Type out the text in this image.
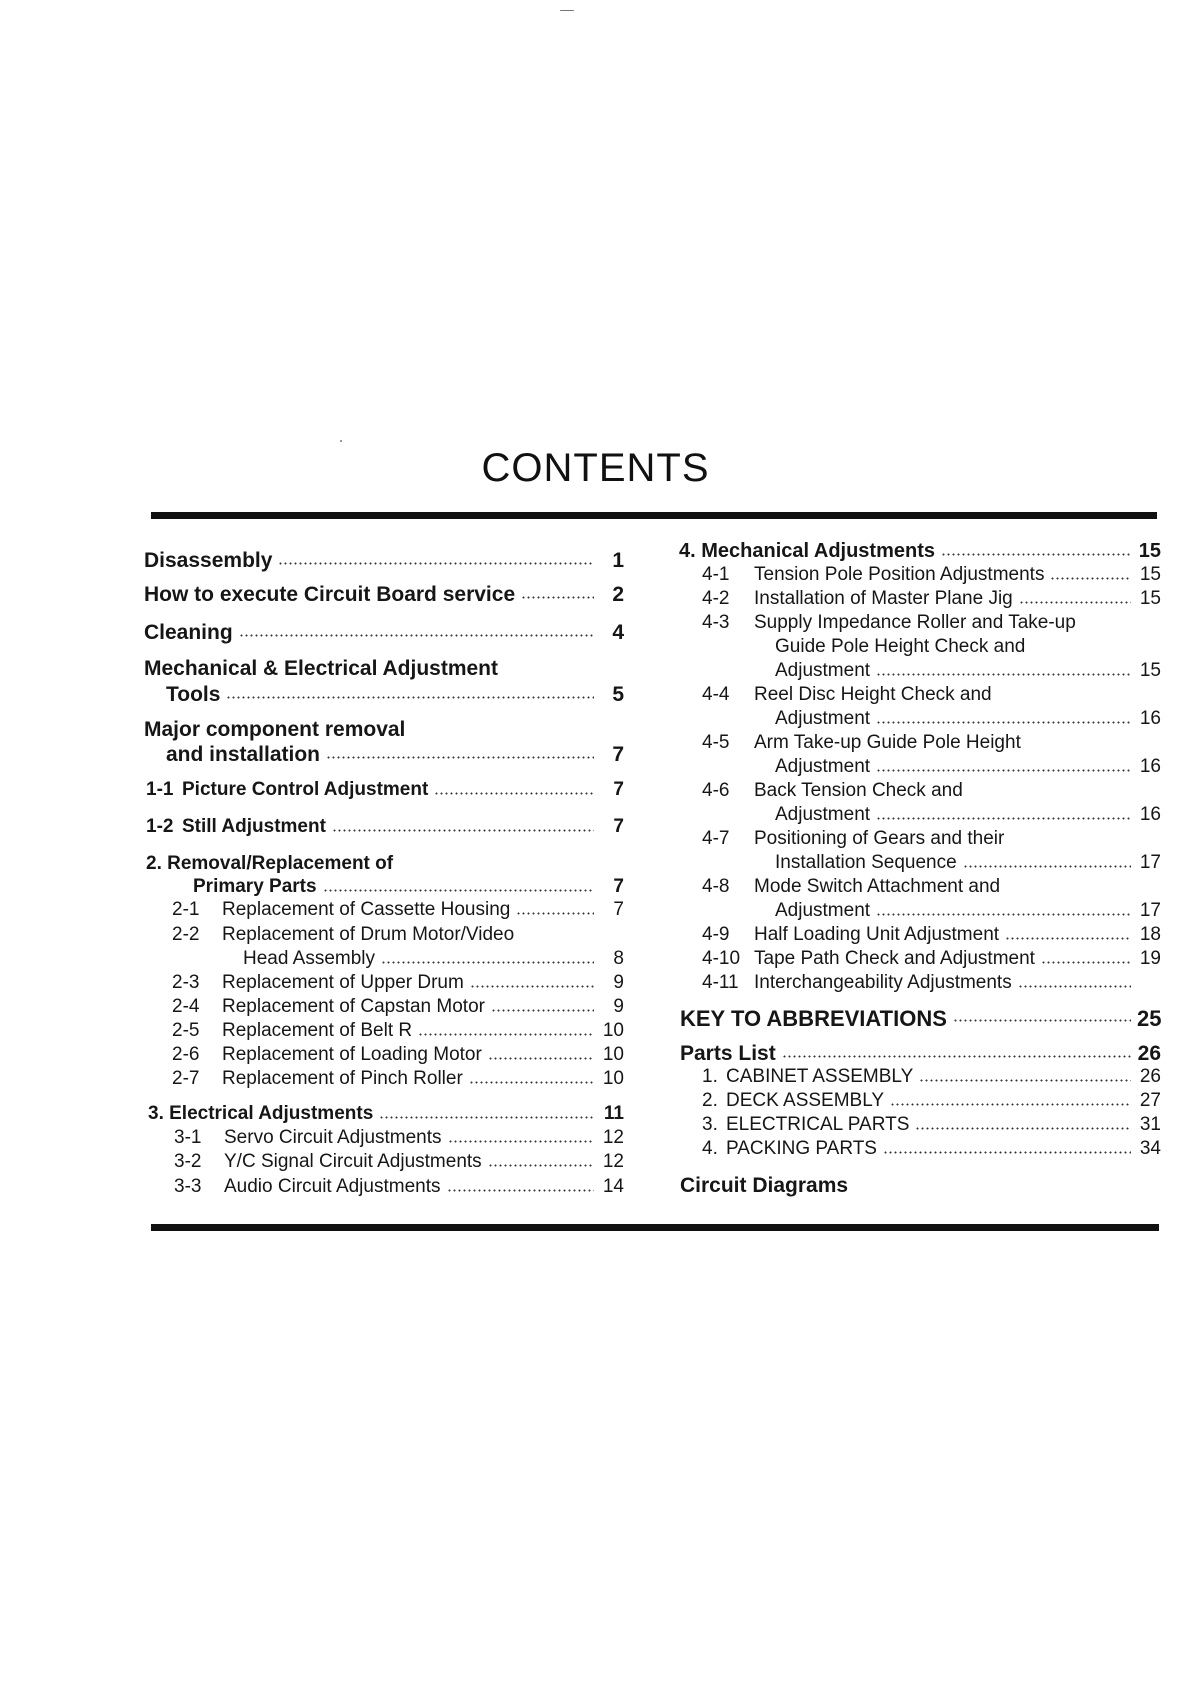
CONTENTS
Disassembly	1
How to execute Circuit Board service	2
Cleaning	4
Mechanical & Electrical Adjustment
Tools	5
Major component removal
and installation	7
1-1 Picture Control Adjustment	7
1-2 Still Adjustment	7
2. Removal/Replacement of
Primary Parts	7
2-1	Replacement of Cassette Housing	7
2-2 Replacement of Drum Motor/Video
Head Assembly	8
2-3	Replacement of Upper Drum	9
2-4	Replacement of Capstan Motor	9
2-5	Replacement of Belt R	10
2-6	Replacement of Loading Motor	10
2-7	Replacement of Pinch Roller	10
3. Electrical Adjustments	11
3-1	Servo Circuit Adjustments	12
3-2	Y/C Signal Circuit Adjustments	12
3-3	Audio Circuit Adjustments	14
4. Mechanical Adjustments	15
4-1	Tension Pole Position Adjustments	15
4-2	Installation of Master Plane Jig	15
4-3 Supply Impedance Roller and Take-up
Guide Pole Height Check and
Adjustment	15
4-4 Reel Disc Height Check and
Adjustment	16
4-5 Arm Take-up Guide Pole Height
Adjustment	16
4-6 Back Tension Check and
Adjustment	16
4-7 Positioning of Gears and their
Installation Sequence	17
4-8 Mode Switch Attachment and
Adjustment	17
4-9	Half Loading Unit Adjustment	18
4-10 Tape Path Check and Adjustment	19
4-11 Interchangeability Adjustments
KEY TO ABBREVIATIONS	25
Parts List	26
1. CABINET ASSEMBLY	26
2. DECK ASSEMBLY	27
3. ELECTRICAL PARTS	31
4. PACKING PARTS	34
Circuit Diagrams
